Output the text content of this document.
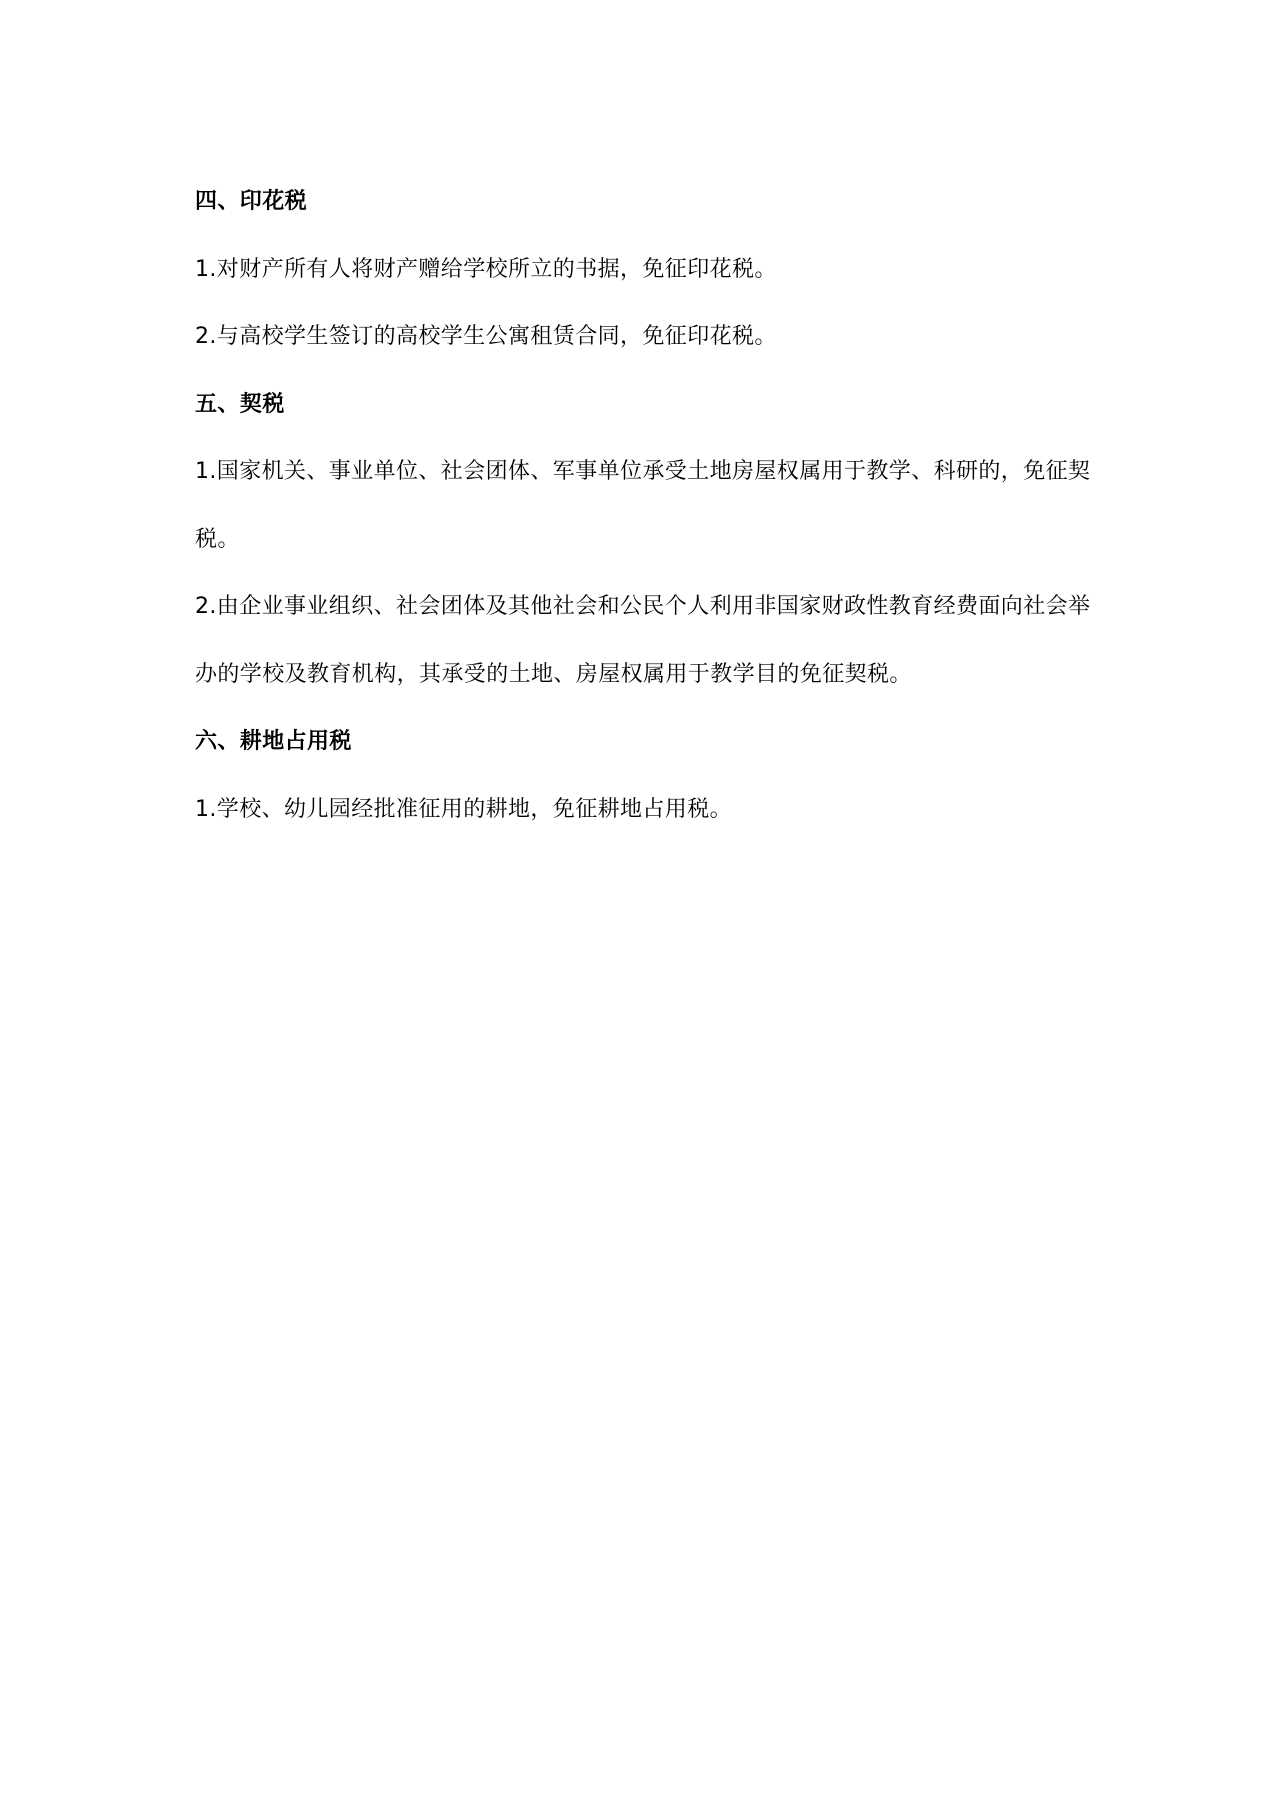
四、印花税
1.对财产所有人将财产赠给学校所立的书据，免征印花税。
2.与高校学生签订的高校学生公寓租赁合同，免征印花税。
五、契税
1.国家机关、事业单位、社会团体、军事单位承受土地房屋权属用于教学、科研的，免征契
税。
2.由企业事业组织、社会团体及其他社会和公民个人利用非国家财政性教育经费面向社会举
办的学校及教育机构，其承受的土地、房屋权属用于教学目的免征契税。
六、耕地占用税
1.学校、幼儿园经批准征用的耕地，免征耕地占用税。
